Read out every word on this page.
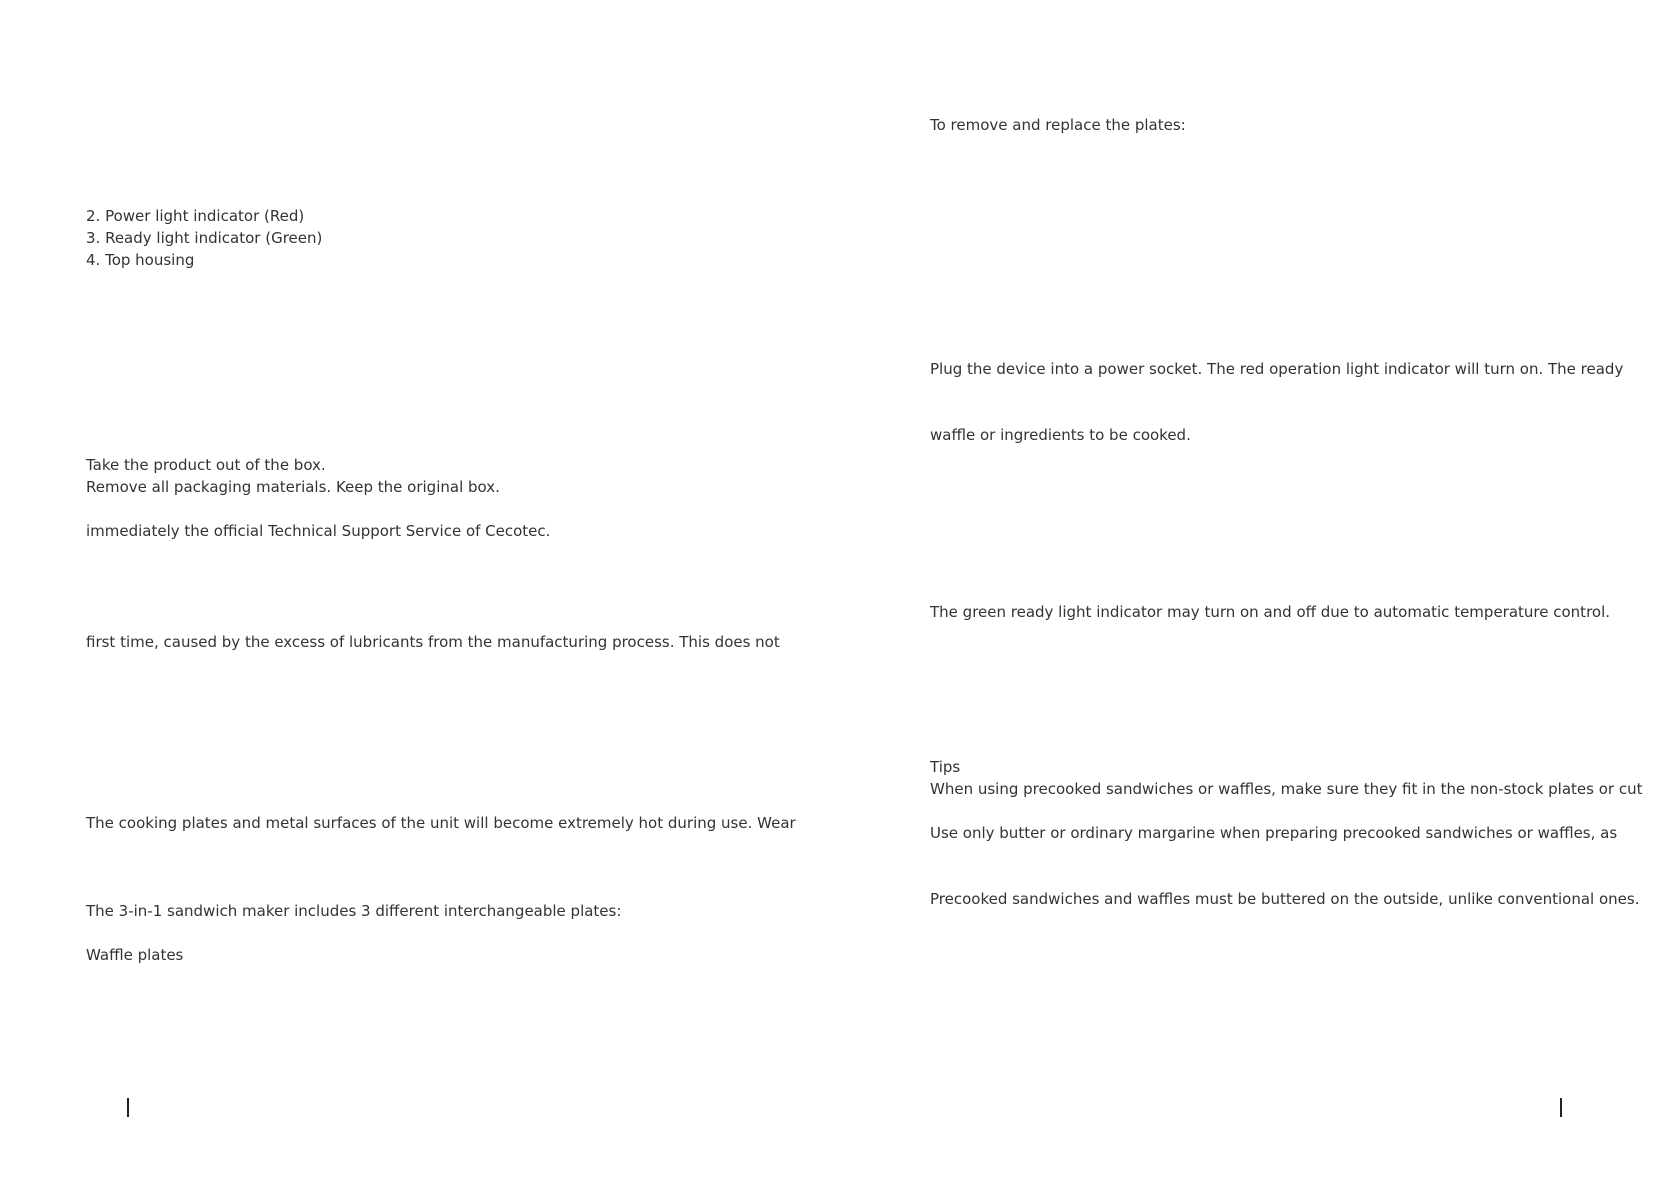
2. Power light indicator (Red)
3. Ready light indicator (Green)
4. Top housing
Take the product out of the box.
Remove all packaging materials. Keep the original box.
immediately the official Technical Support Service of Cecotec.
first time, caused by the excess of lubricants from the manufacturing process. This does not
The cooking plates and metal surfaces of the unit will become extremely hot during use. Wear
The 3-in-1 sandwich maker includes 3 different interchangeable plates:
Waffle plates
To remove and replace the plates:
Plug the device into a power socket. The red operation light indicator will turn on. The ready
waffle or ingredients to be cooked.
The green ready light indicator may turn on and off due to automatic temperature control.
Tips
When using precooked sandwiches or waffles, make sure they fit in the non-stock plates or cut
Use only butter or ordinary margarine when preparing precooked sandwiches or waffles, as
Precooked sandwiches and waffles must be buttered on the outside, unlike conventional ones.
